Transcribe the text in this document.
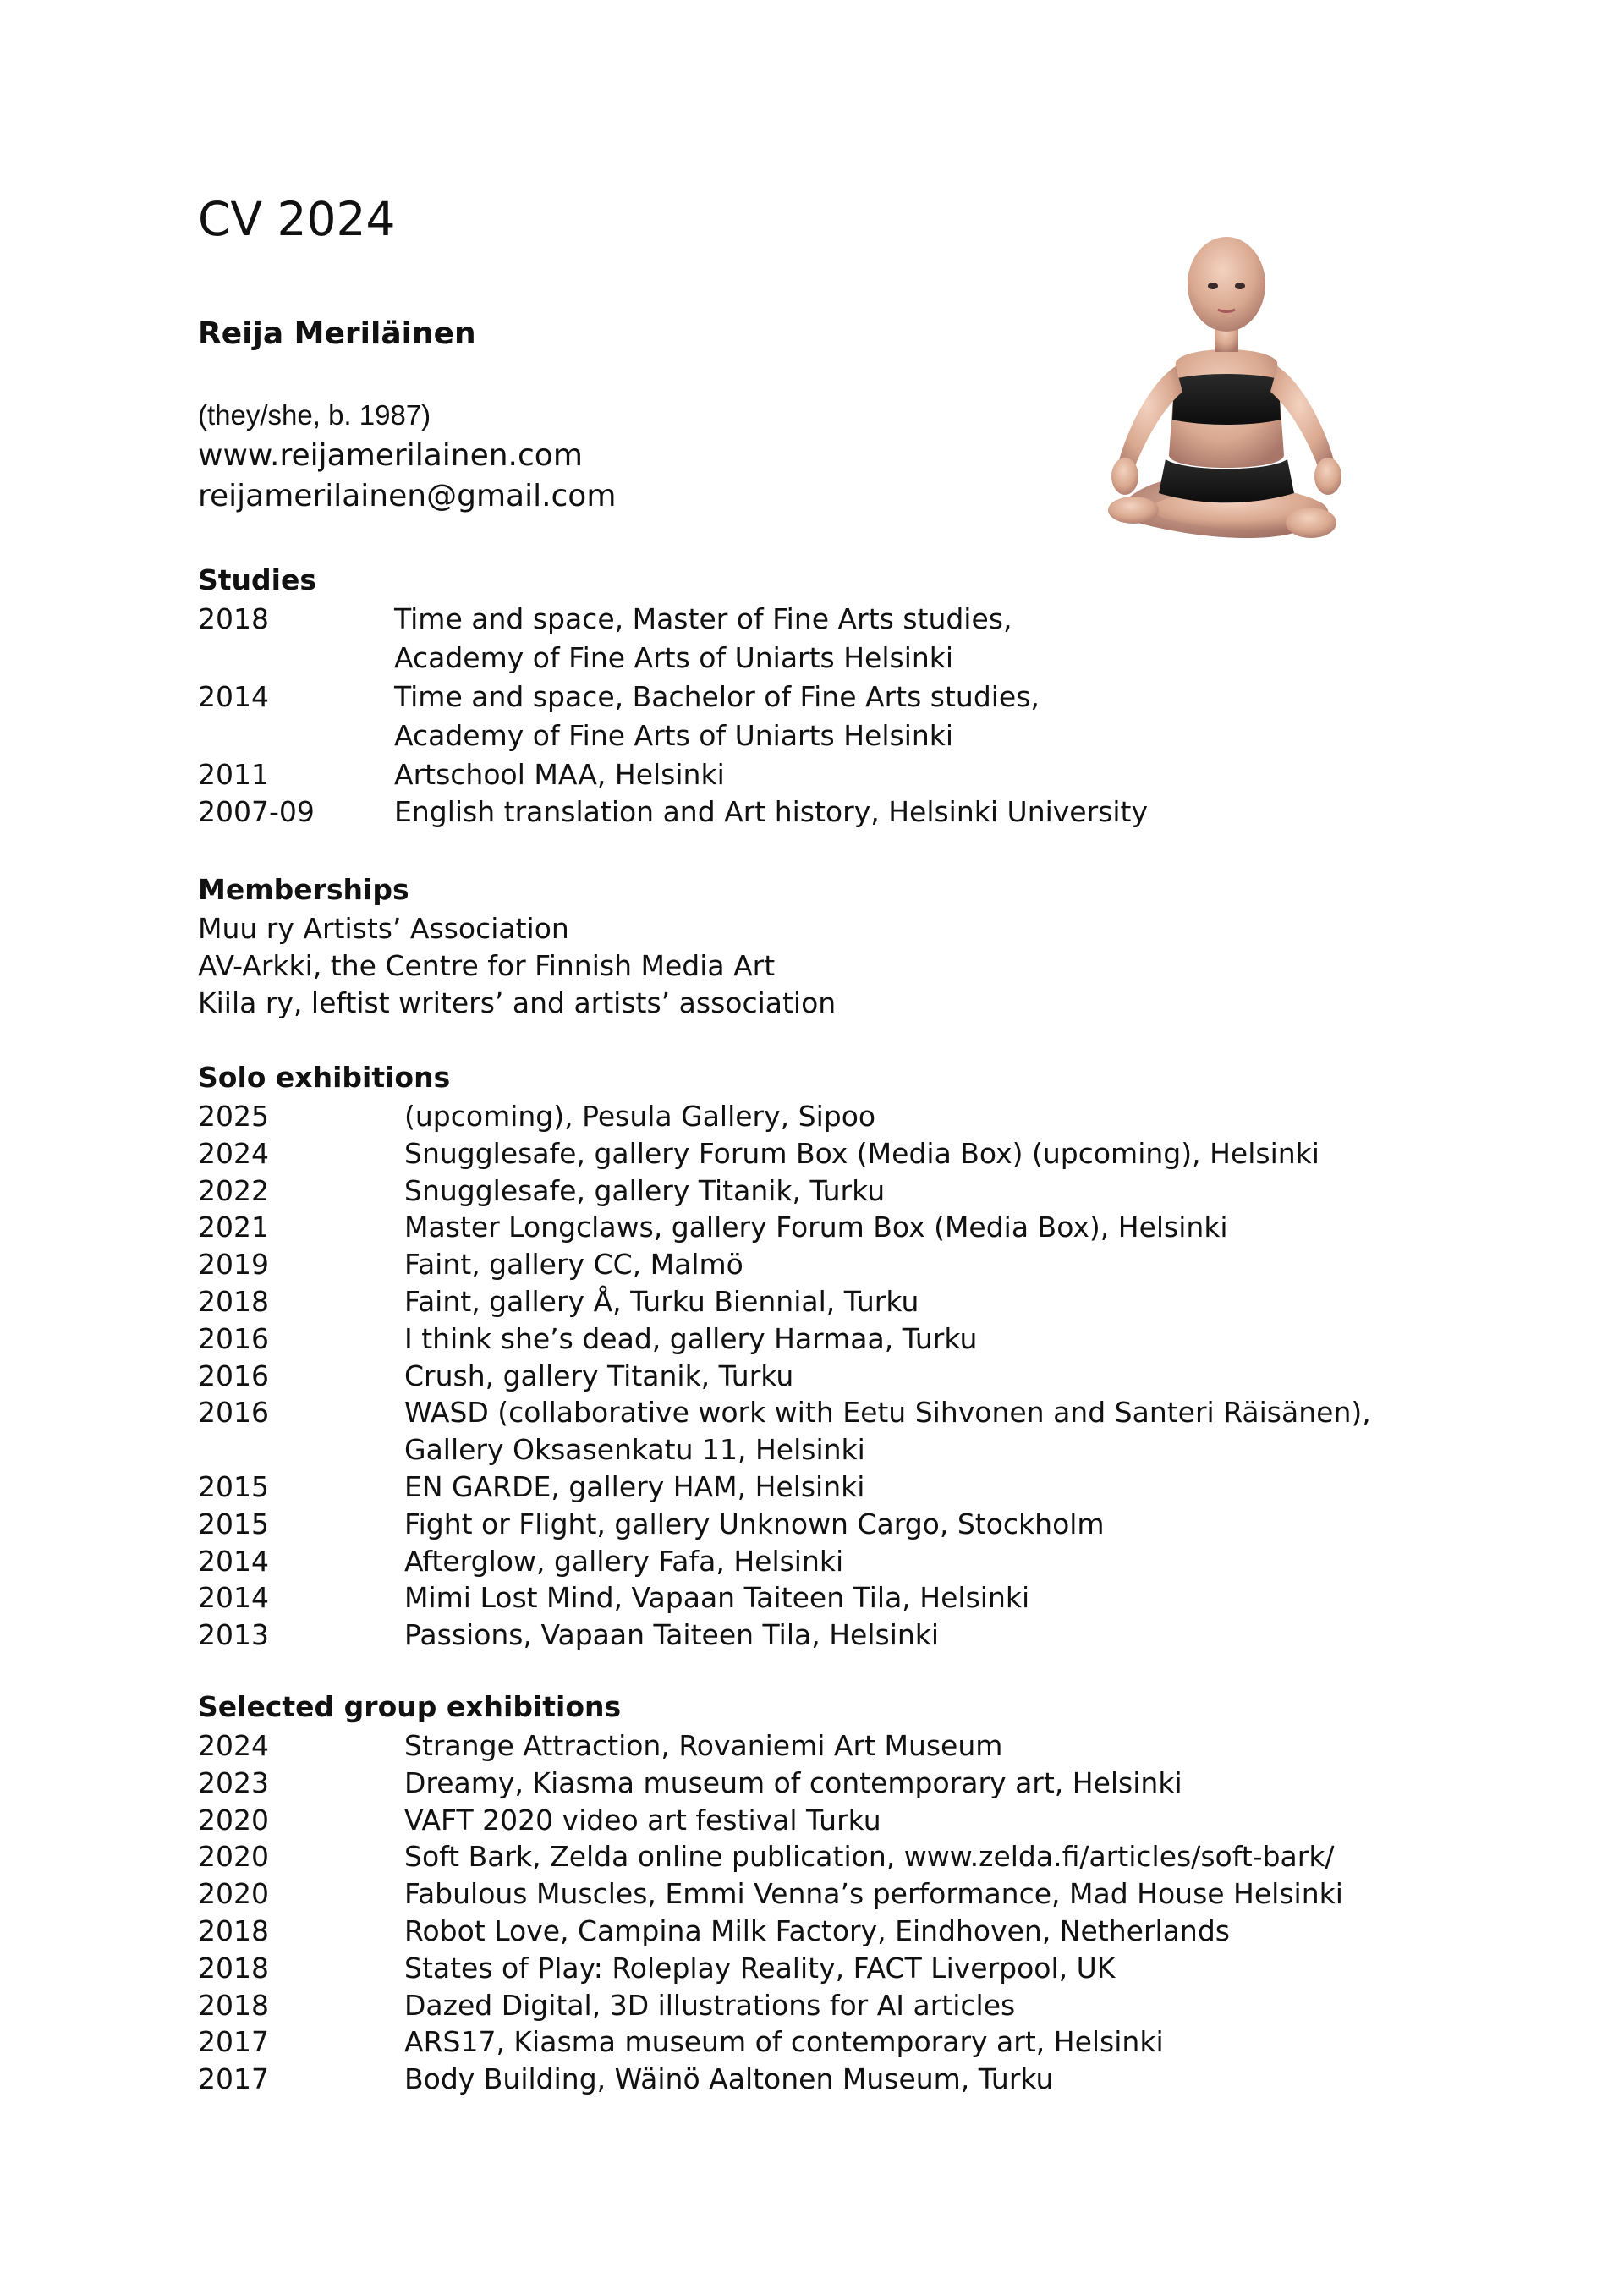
CV 2024
Reija Meriläinen
(they/she, b. 1987)
www.reijamerilainen.com
reijamerilainen@gmail.com
Studies
2018	Time and space, Master of Fine Arts studies,
Academy of Fine Arts of Uniarts Helsinki
2014	Time and space, Bachelor of Fine Arts studies,
Academy of Fine Arts of Uniarts Helsinki
2011	Artschool MAA, Helsinki
2007-09	English translation and Art history, Helsinki University
Memberships
Muu ry Artists’ Association
AV-Arkki, the Centre for Finnish Media Art
Kiila ry, leftist writers’ and artists’ association
Solo exhibitions
2025	(upcoming), Pesula Gallery, Sipoo
2024	Snugglesafe, gallery Forum Box (Media Box) (upcoming), Helsinki
2022	Snugglesafe, gallery Titanik, Turku
2021	Master Longclaws, gallery Forum Box (Media Box), Helsinki
2019	Faint, gallery CC, Malmö
2018	Faint, gallery Å, Turku Biennial, Turku
2016	I think she’s dead, gallery Harmaa, Turku
2016	Crush, gallery Titanik, Turku
2016	WASD (collaborative work with Eetu Sihvonen and Santeri Räisänen),
Gallery Oksasenkatu 11, Helsinki
2015	EN GARDE, gallery HAM, Helsinki
2015	Fight or Flight, gallery Unknown Cargo, Stockholm
2014	Afterglow, gallery Fafa, Helsinki
2014	Mimi Lost Mind, Vapaan Taiteen Tila, Helsinki
2013	Passions, Vapaan Taiteen Tila, Helsinki
Selected group exhibitions
2024	Strange Attraction, Rovaniemi Art Museum
2023	Dreamy, Kiasma museum of contemporary art, Helsinki
2020	VAFT 2020 video art festival Turku
2020	Soft Bark, Zelda online publication, www.zelda.fi/articles/soft-bark/
2020	Fabulous Muscles, Emmi Venna’s performance, Mad House Helsinki
2018	Robot Love, Campina Milk Factory, Eindhoven, Netherlands
2018	States of Play: Roleplay Reality, FACT Liverpool, UK
2018	Dazed Digital, 3D illustrations for AI articles
2017	ARS17, Kiasma museum of contemporary art, Helsinki
2017	Body Building, Wäinö Aaltonen Museum, Turku
